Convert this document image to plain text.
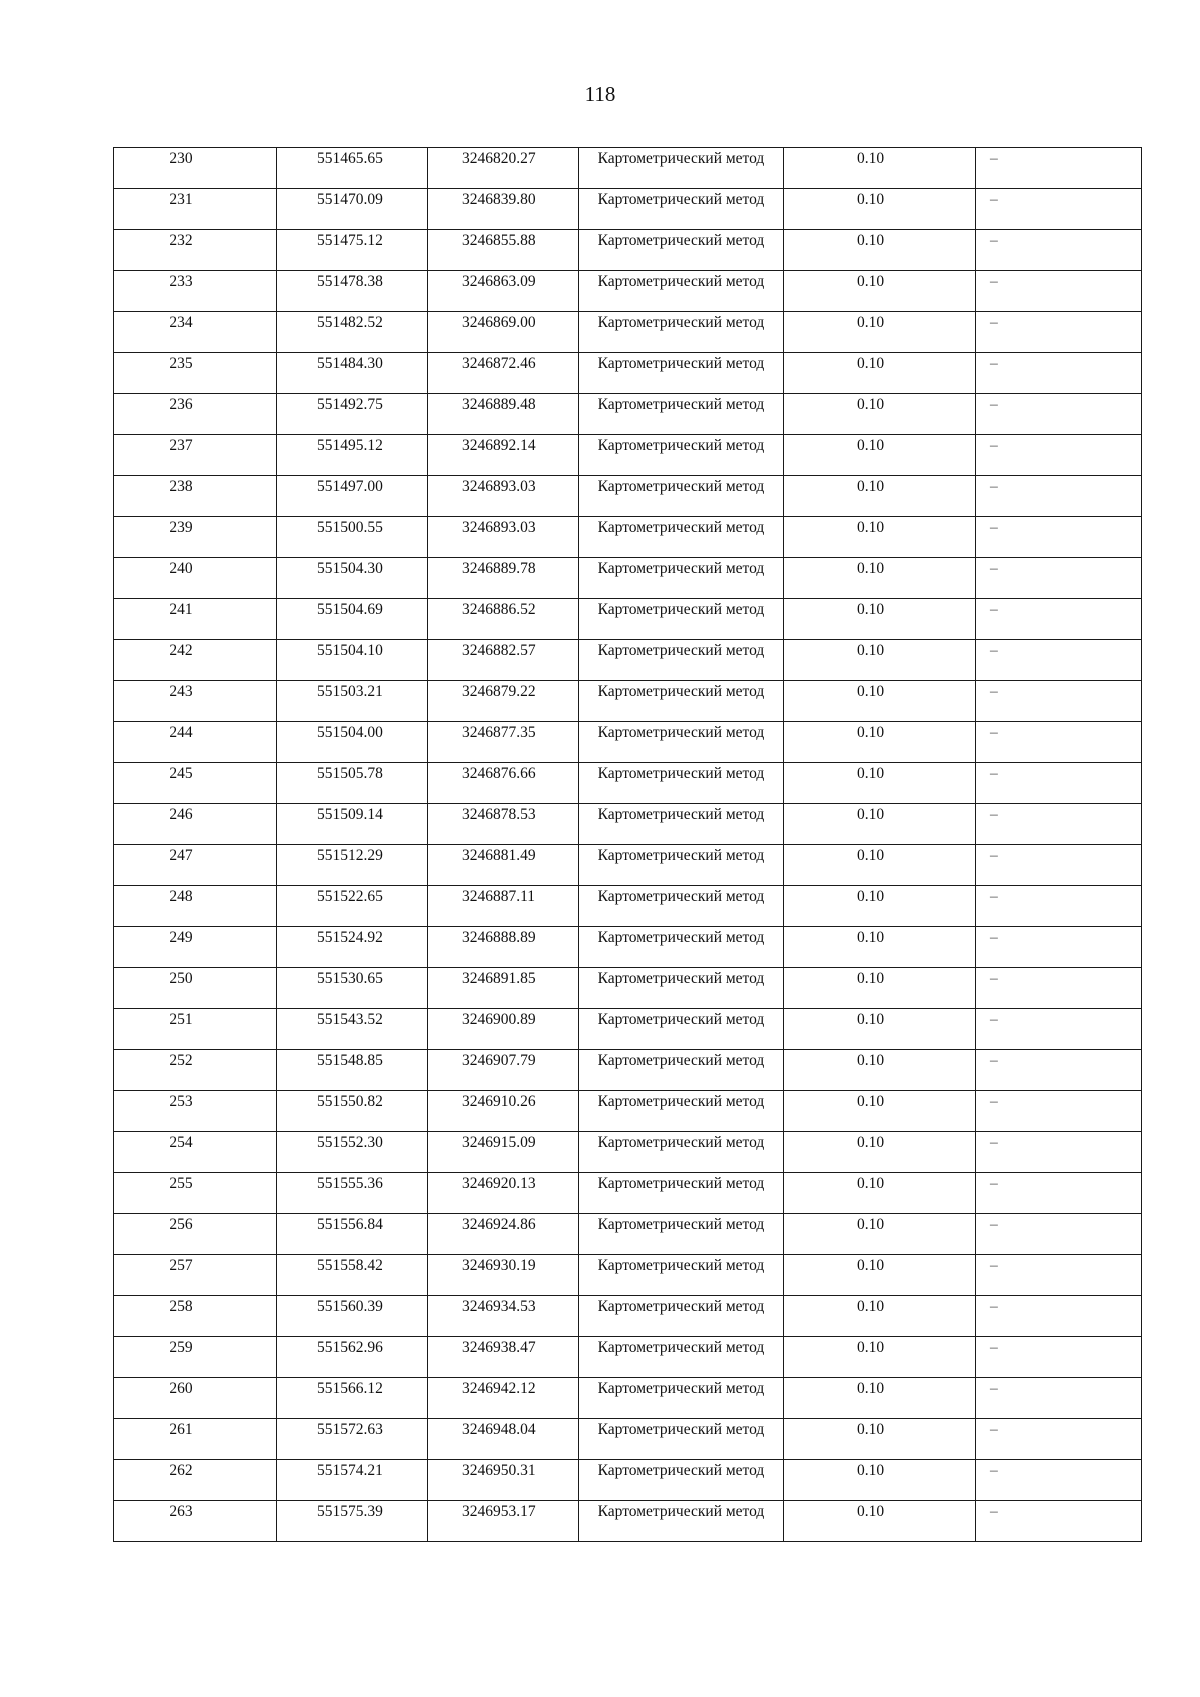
118
230	551465.65	3246820.27	Картометрический метод	0.10	–

231	551470.09	3246839.80	Картометрический метод	0.10	–

232	551475.12	3246855.88	Картометрический метод	0.10	–

233	551478.38	3246863.09	Картометрический метод	0.10	–

234	551482.52	3246869.00	Картометрический метод	0.10	–

235	551484.30	3246872.46	Картометрический метод	0.10	–

236	551492.75	3246889.48	Картометрический метод	0.10	–

237	551495.12	3246892.14	Картометрический метод	0.10	–

238	551497.00	3246893.03	Картометрический метод	0.10	–

239	551500.55	3246893.03	Картометрический метод	0.10	–

240	551504.30	3246889.78	Картометрический метод	0.10	–

241	551504.69	3246886.52	Картометрический метод	0.10	–

242	551504.10	3246882.57	Картометрический метод	0.10	–

243	551503.21	3246879.22	Картометрический метод	0.10	–

244	551504.00	3246877.35	Картометрический метод	0.10	–

245	551505.78	3246876.66	Картометрический метод	0.10	–

246	551509.14	3246878.53	Картометрический метод	0.10	–

247	551512.29	3246881.49	Картометрический метод	0.10	–

248	551522.65	3246887.11	Картометрический метод	0.10	–

249	551524.92	3246888.89	Картометрический метод	0.10	–

250	551530.65	3246891.85	Картометрический метод	0.10	–

251	551543.52	3246900.89	Картометрический метод	0.10	–

252	551548.85	3246907.79	Картометрический метод	0.10	–

253	551550.82	3246910.26	Картометрический метод	0.10	–

254	551552.30	3246915.09	Картометрический метод	0.10	–

255	551555.36	3246920.13	Картометрический метод	0.10	–

256	551556.84	3246924.86	Картометрический метод	0.10	–

257	551558.42	3246930.19	Картометрический метод	0.10	–

258	551560.39	3246934.53	Картометрический метод	0.10	–

259	551562.96	3246938.47	Картометрический метод	0.10	–

260	551566.12	3246942.12	Картометрический метод	0.10	–

261	551572.63	3246948.04	Картометрический метод	0.10	–

262	551574.21	3246950.31	Картометрический метод	0.10	–

263	551575.39	3246953.17	Картометрический метод	0.10	–
